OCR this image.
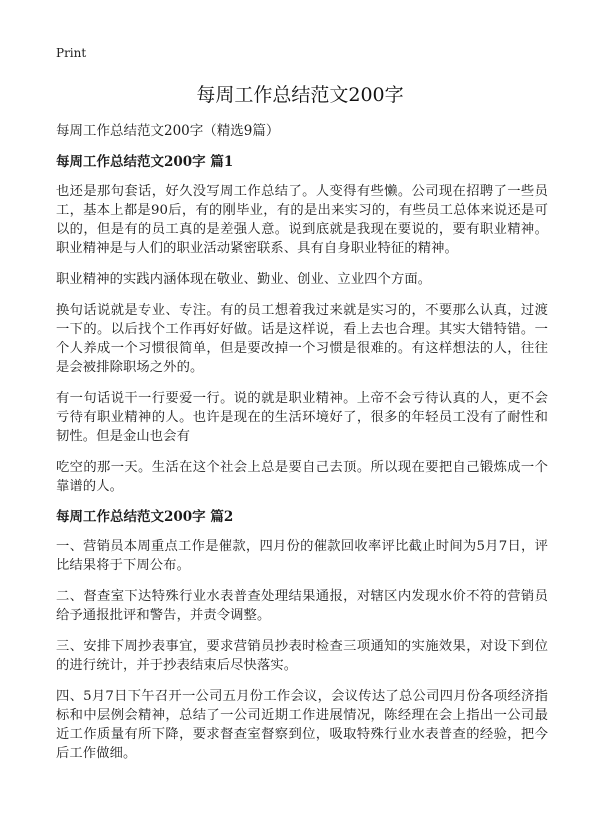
Print
每周工作总结范文200字

每周工作总结范文200字（精选9篇）

每周工作总结范文200字 篇1

也还是那句套话，好久没写周工作总结了。人变得有些懒。公司现在招聘了一些员工，基本上都是90后，有的刚毕业，有的是出来实习的，有些员工总体来说还是可以的，但是有的员工真的是差强人意。说到底就是我现在要说的，要有职业精神。职业精神是与人们的职业活动紧密联系、具有自身职业特征的精神。

职业精神的实践内涵体现在敬业、勤业、创业、立业四个方面。

换句话说就是专业、专注。有的员工想着我过来就是实习的，不要那么认真，过渡一下的。以后找个工作再好好做。话是这样说，看上去也合理。其实大错特错。一个人养成一个习惯很简单，但是要改掉一个习惯是很难的。有这样想法的人，往往是会被排除职场之外的。

有一句话说干一行要爱一行。说的就是职业精神。上帝不会亏待认真的人，更不会亏待有职业精神的人。也许是现在的生活环境好了，很多的年轻员工没有了耐性和韧性。但是金山也会有

吃空的那一天。生活在这个社会上总是要自己去顶。所以现在要把自己锻炼成一个靠谱的人。

每周工作总结范文200字 篇2

一、营销员本周重点工作是催款，四月份的催款回收率评比截止时间为5月7日，评比结果将于下周公布。

二、督查室下达特殊行业水表普查处理结果通报，对辖区内发现水价不符的营销员给予通报批评和警告，并责令调整。

三、安排下周抄表事宜，要求营销员抄表时检查三项通知的实施效果，对设下到位的进行统计，并于抄表结束后尽快落实。

四、5月7日下午召开一公司五月份工作会议，会议传达了总公司四月份各项经济指标和中层例会精神，总结了一公司近期工作进展情况，陈经理在会上指出一公司最近工作质量有所下降，要求督查室督察到位，吸取特殊行业水表普查的经验，把今后工作做细。
